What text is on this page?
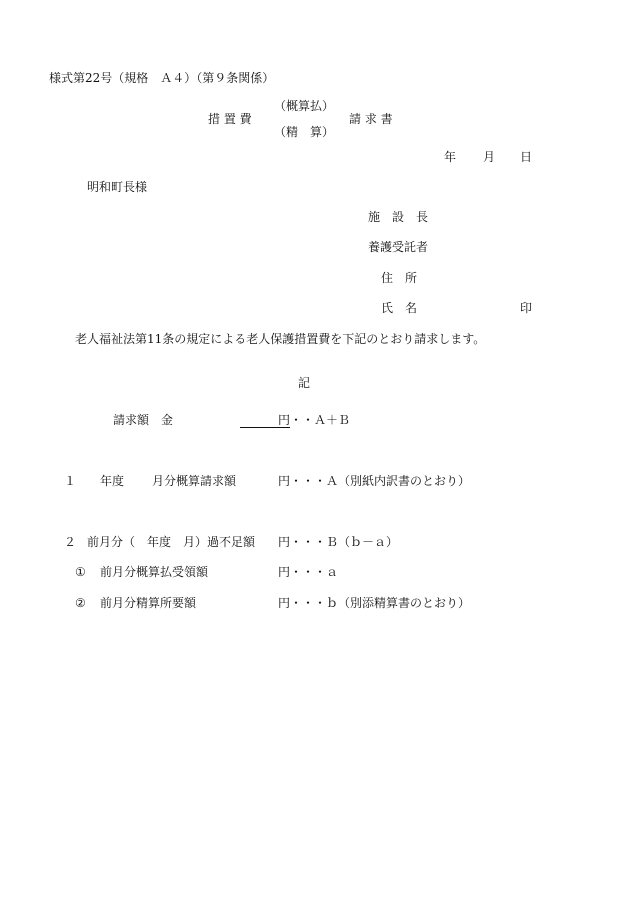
様式第22号（規格　Ａ４）（第９条関係）
措 置 費
（概算払）
（精　算）
請 求 書
年 月 日
明和町長様
施　設　長
養護受託者
住　所
氏　名	印
老人福祉法第11条の規定による老人保護措置費を下記のとおり請求します。
記
請求額　金	円 ・・Ａ＋Ｂ
１ 年度 月分概算請求額	円・・・Ａ（別紙内訳書のとおり）
２ 前月分（　年度　月）過不足額 円・・・Ｂ（ｂ－ａ）
① 前月分概算払受領額	円・・・ａ
② 前月分精算所要額	円・・・ｂ（別添精算書のとおり）
